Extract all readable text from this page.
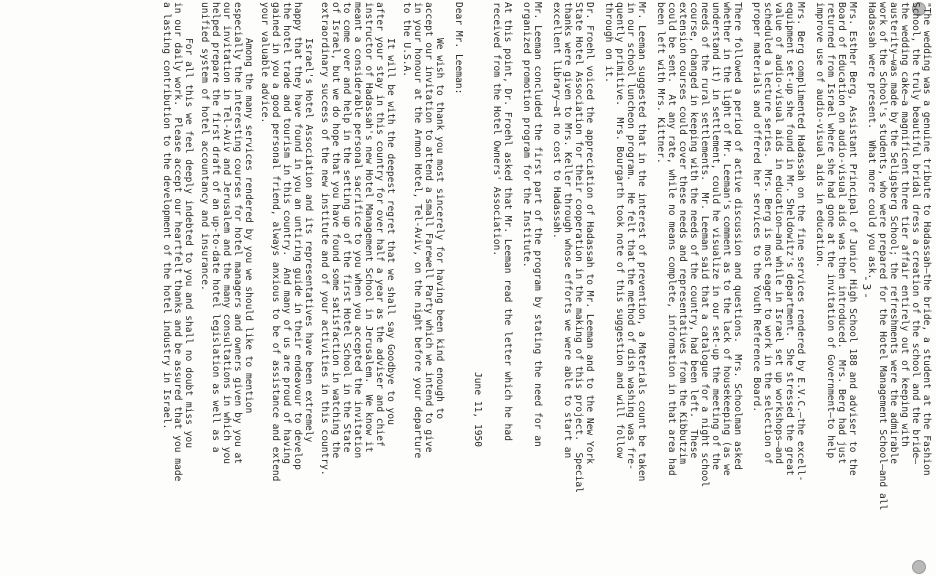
-3-	"The wedding was a genuine tribute to Hadassah—the bride, a student at the Fashion
School, the truly beautiful bridal dress a creation of the school and the bride—
the wedding cake—a magnificent three tier affair entirely out of keeping with
austerity—was made by the Seligsberg School; the refreshments were the admirable
work of the School's students, who were prepared for the Hotel Management School—and all
Hadassah were present.  What more could you ask.
Mrs. Esther Berg, Assistant Principal of Junior High School 188 and adviser to the
Board of Education on audio-visual aids was then introduced.  Mrs. Berg had just
returned from Israel where she had gone at the invitation of Government—to help
improve use of audio-visual aids in education.
Mrs. Berg complimented Hadassah on the fine services rendered by E.V.C.—the excell-
equipment set-up she found in Mr. Sheldowitz's department.  She stressed the great
value of audio-visual aids in education—and while in Israel set up workshops—and
scheduled a lecture series.  Mrs. Berg is most eager to work in the selection of
proper materials and offered her services to the Youth Reference Board.
There followed a period of active discussion and questions.  Mrs. Schoolman asked
whether in the light of Mr. Leeman's comment as to the lack of housekeeping (as we
understand it) in settlement, could he visualize in our set-up the meeting of the
needs of the rural settlements.  Mr. Leeman said that a catalogue for a night school
course, changed in keeping with the needs of the country, had been left.  These
extension courses could cover these needs and representatives from the Kibbutzim
could be sent.  At any rate, while no means complete, information in that area had
been left with Mrs. Kittner.
Mr. Leeman suggested that in the interest of prevention, a Materials count be taken
in our school luncheon program.  He felt that the method of dish washing was fre-
quently primitive.  Mrs. Bourgarth took note of this suggestion and will follow
through on it.
Dr. Froehl voiced the appreciation of Hadassah to Mr. Leeman and to the New York
State Hotel Association for their cooperation in the making of this project.  Special
thanks were given to Mrs. Keller through whose efforts we were able to start an
excellent library—at no cost to Hadassah.
Mr. Leeman concluded the first part of the program by stating the need for an
organized promotion program for the Institute.
At this point, Dr. Froehl asked that Mr. Leeman read the letter which he had
received from the Hotel Owners' Association.
June 11, 1950
Dear Mr. Leeman:
We wish to thank you most sincerely for having been kind enough to
accept our invitation to attend a small Farewell Party which we intend to give
in your honour at the Armon Hotel, Tel-Aviv, on the night before your departure
to the U.S.A.
It will be with the deepest regret that we shall say Goodbye to you
after your stay in this country for over half a year as the adviser and chief
instructor of Hadassah's new Hotel Management School in Jerusalem.  We know it
meant a considerable personal sacrifice to you when you accepted the invitation
to come over and help in the setting up of the first Hotel School in the State
of Israel, but we do hope that you have found some satisfaction in watching the
extraordinary success of the new institute and of your activities in this country.
Israel's Hotel Association and its representatives have been extremely
happy that they have found in you an untiring guide in their endeavour to develop
the hotel trade and tourism in this country.  And many of us are proud of having
gained in you a good personal friend, always anxious to be of assistance and extend
your valuable advice.
Among the many services rendered by you we should like to mention
especially the interesting courses for hotel managers and owners given by you at
our invitation in Tel-Aviv and Jerusalem and the many consultations in which you
helped prepare the first draft of an up-to-date hotel legislation as well as a
unified system of hotel accountancy and insurance.
For all this we feel deeply indebted to you and shall no doubt miss you
in our daily work.  Please accept our heartfelt thanks and be assured that you made
a lasting contribution to the development of the hotel industry in Israel.
